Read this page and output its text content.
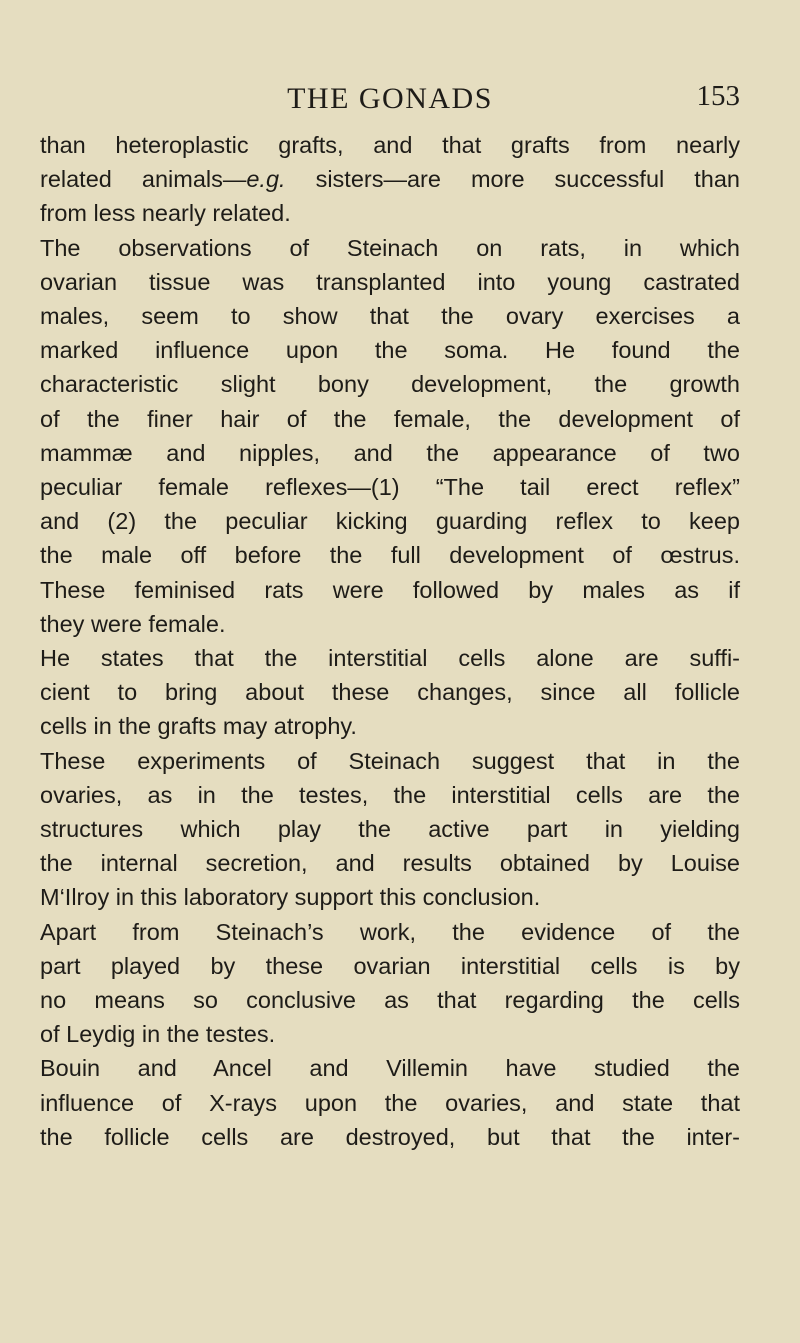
THE GONADS	153

than heteroplastic grafts, and that grafts from nearly
related animals—e.g. sisters—are more successful than
from less nearly related.

The observations of Steinach on rats, in which
ovarian tissue was transplanted into young castrated
males, seem to show that the ovary exercises a
marked influence upon the soma. He found the
characteristic slight bony development, the growth
of the finer hair of the female, the development of
mammæ and nipples, and the appearance of two
peculiar female reflexes—(1) “The tail erect reflex”
and (2) the peculiar kicking guarding reflex to keep
the male off before the full development of œstrus.
These feminised rats were followed by males as if
they were female.

He states that the interstitial cells alone are suffi-
cient to bring about these changes, since all follicle
cells in the grafts may atrophy.

These experiments of Steinach suggest that in the
ovaries, as in the testes, the interstitial cells are the
structures which play the active part in yielding
the internal secretion, and results obtained by Louise
M‘Ilroy in this laboratory support this conclusion.

Apart from Steinach’s work, the evidence of the
part played by these ovarian interstitial cells is by
no means so conclusive as that regarding the cells
of Leydig in the testes.

Bouin and Ancel and Villemin have studied the
influence of X-rays upon the ovaries, and state that
the follicle cells are destroyed, but that the inter-
